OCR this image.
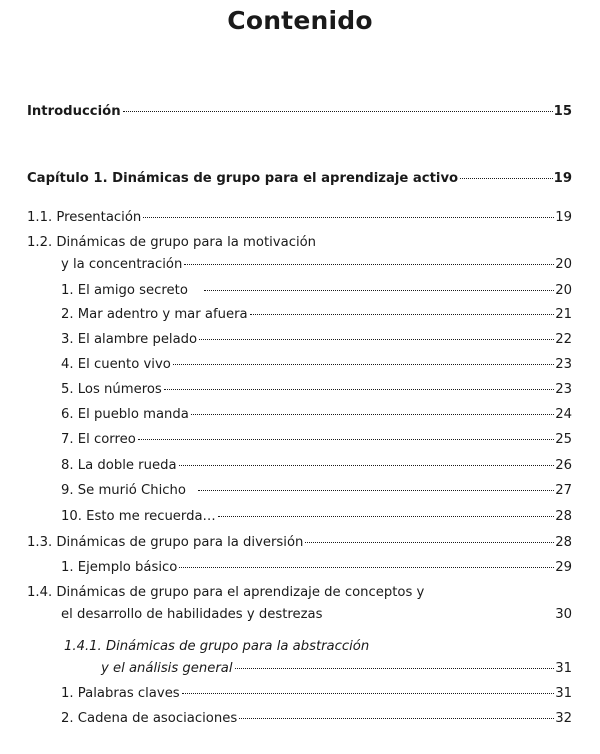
Contenido
Introducción	15
Capítulo 1. Dinámicas de grupo para el aprendizaje activo	19
1.1. Presentación	19
1.2. Dinámicas de grupo para la motivación
y la concentración	20
1. El amigo secreto	20
2. Mar adentro y mar afuera	21
3. El alambre pelado	22
4. El cuento vivo	23
5. Los números	23
6. El pueblo manda	24
7. El correo	25
8. La doble rueda	26
9. Se murió Chicho	27
10. Esto me recuerda…	28
1.3. Dinámicas de grupo para la diversión	28
1. Ejemplo básico	29
1.4. Dinámicas de grupo para el aprendizaje de conceptos y
el desarrollo de habilidades y destrezas	30
1.4.1. Dinámicas de grupo para la abstracción
y el análisis general	31
1. Palabras claves	31
2. Cadena de asociaciones	32
